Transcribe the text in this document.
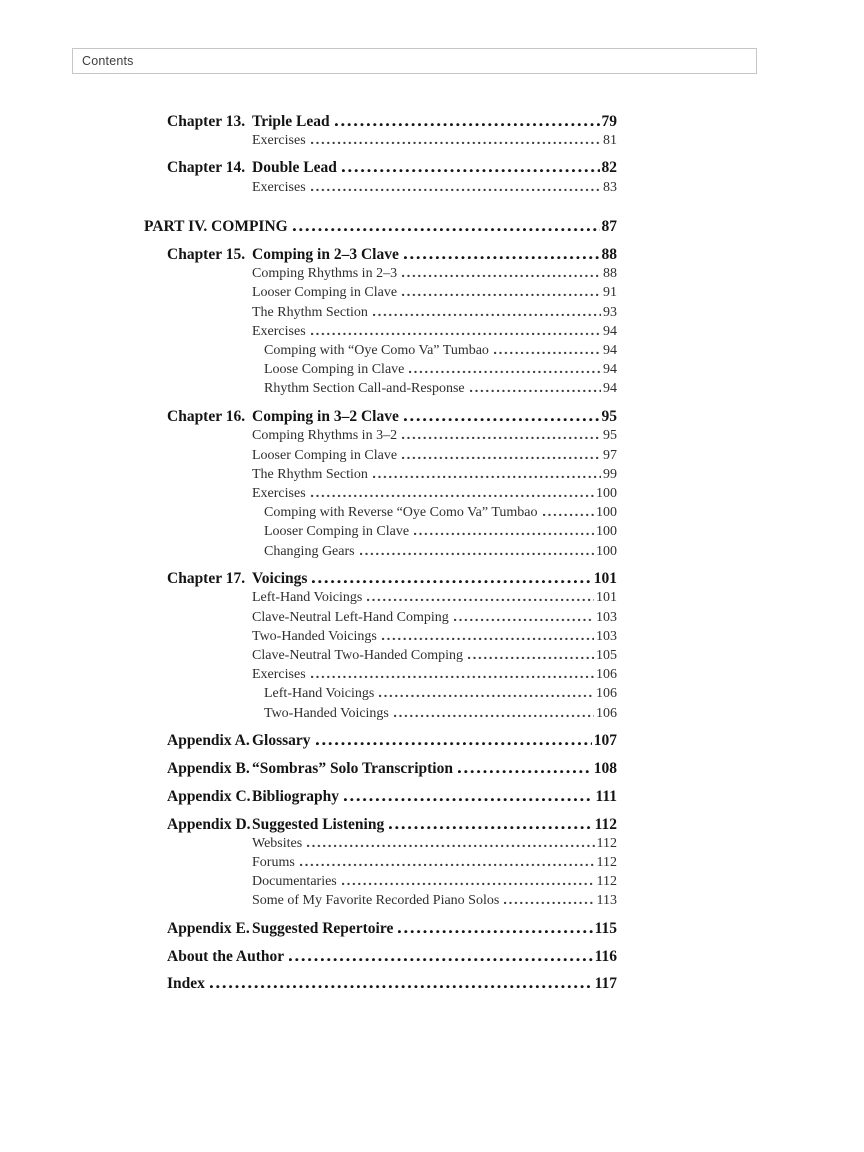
Contents
Chapter 13. Triple Lead	79
Exercises	81
Chapter 14. Double Lead	82
Exercises	83
PART IV. COMPING	87
Chapter 15. Comping in 2–3 Clave	88
Comping Rhythms in 2–3	88
Looser Comping in Clave	91
The Rhythm Section	93
Exercises	94
Comping with “Oye Como Va” Tumbao	94
Loose Comping in Clave	94
Rhythm Section Call-and-Response	94
Chapter 16. Comping in 3–2 Clave	95
Comping Rhythms in 3–2	95
Looser Comping in Clave	97
The Rhythm Section	99
Exercises	100
Comping with Reverse “Oye Como Va” Tumbao	100
Looser Comping in Clave	100
Changing Gears	100
Chapter 17. Voicings	101
Left-Hand Voicings	101
Clave-Neutral Left-Hand Comping	103
Two-Handed Voicings	103
Clave-Neutral Two-Handed Comping	105
Exercises	106
Left-Hand Voicings	106
Two-Handed Voicings	106
Appendix A. Glossary	107
Appendix B. “Sombras” Solo Transcription	108
Appendix C. Bibliography	111
Appendix D. Suggested Listening	112
Websites	112
Forums	112
Documentaries	112
Some of My Favorite Recorded Piano Solos	113
Appendix E. Suggested Repertoire	115
About the Author	116
Index	117
